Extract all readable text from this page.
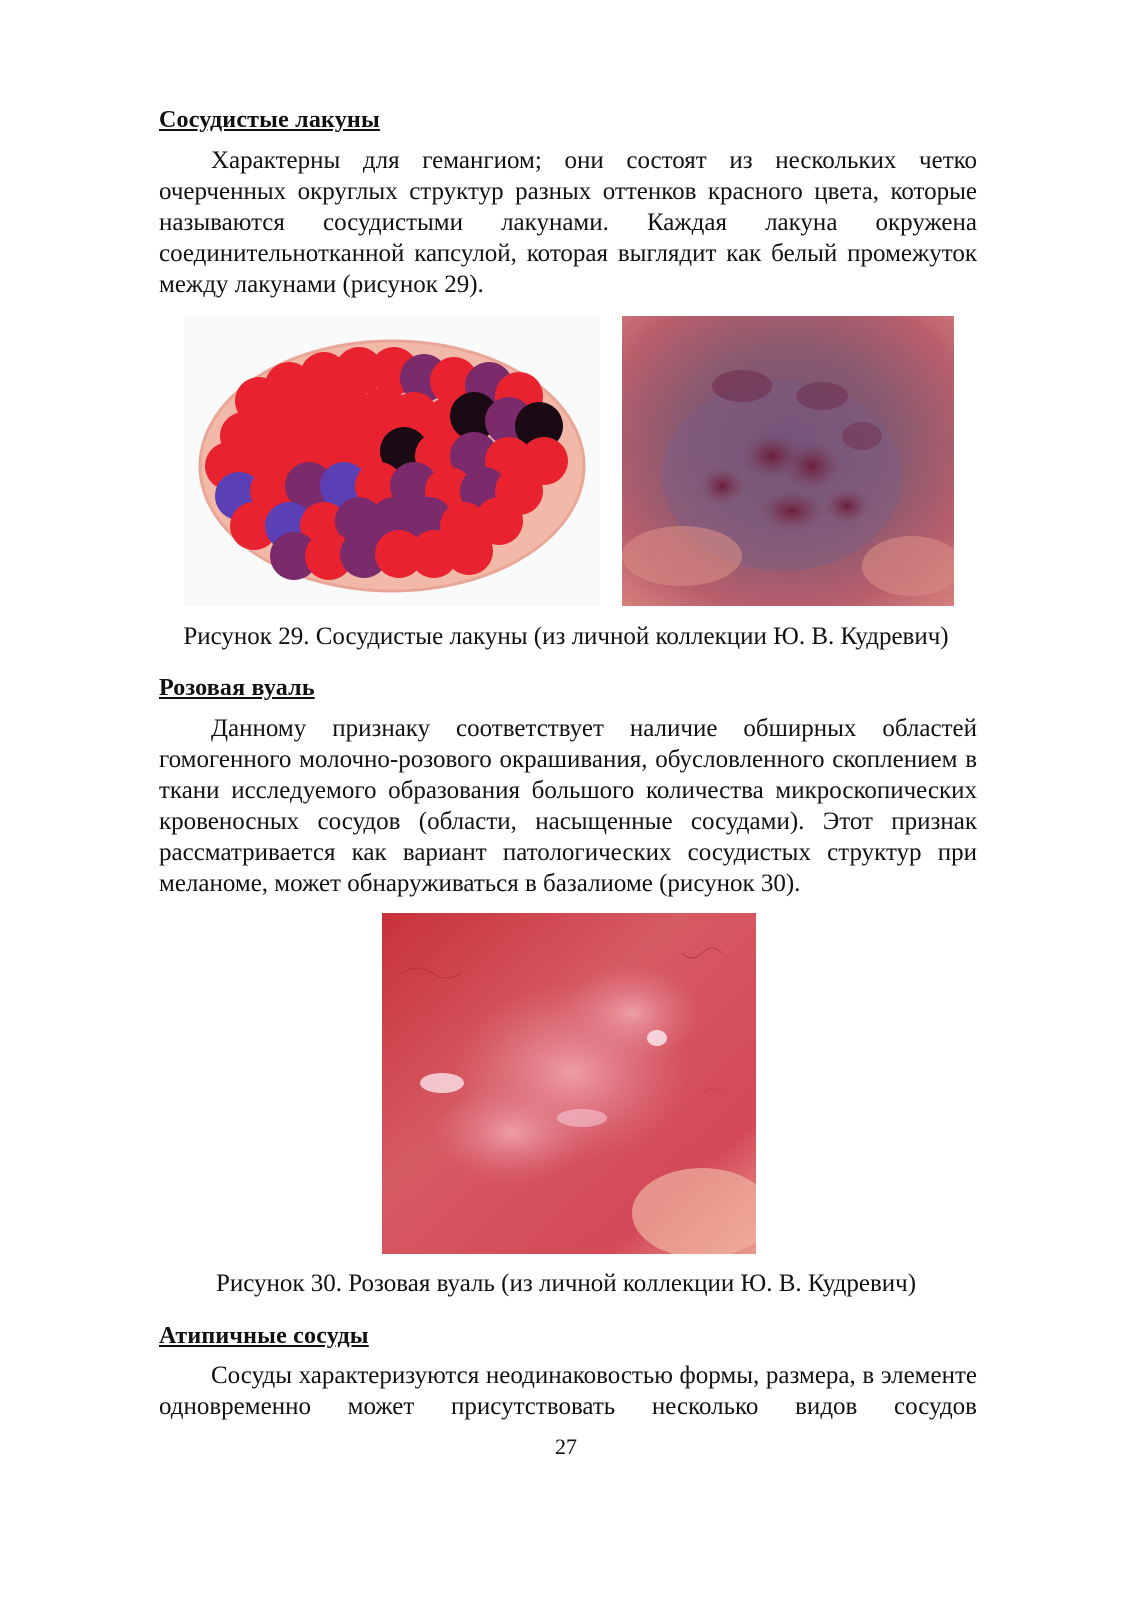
Сосудистые лакуны

Характерны для гемангиом; они состоят из нескольких четко очерченных округлых структур разных оттенков красного цвета, которые называются сосудистыми лакунами. Каждая лакуна окружена соединительнотканной капсулой, которая выглядит как белый промежуток между лакунами (рисунок 29).

Рисунок 29. Сосудистые лакуны (из личной коллекции Ю. В. Кудревич)
Розовая вуаль

Данному признаку соответствует наличие обширных областей гомогенного молочно-розового окрашивания, обусловленного скоплением в ткани исследуемого образования большого количества микроскопических кровеносных сосудов (области, насыщенные сосудами). Этот признак рассматривается как вариант патологических сосудистых структур при меланоме, может обнаруживаться в базалиоме (рисунок 30).

Рисунок 30. Розовая вуаль (из личной коллекции Ю. В. Кудревич)
Атипичные сосуды

Сосуды характеризуются неодинаковостью формы, размера, в элементе одновременно может присутствовать несколько видов сосудов

27
